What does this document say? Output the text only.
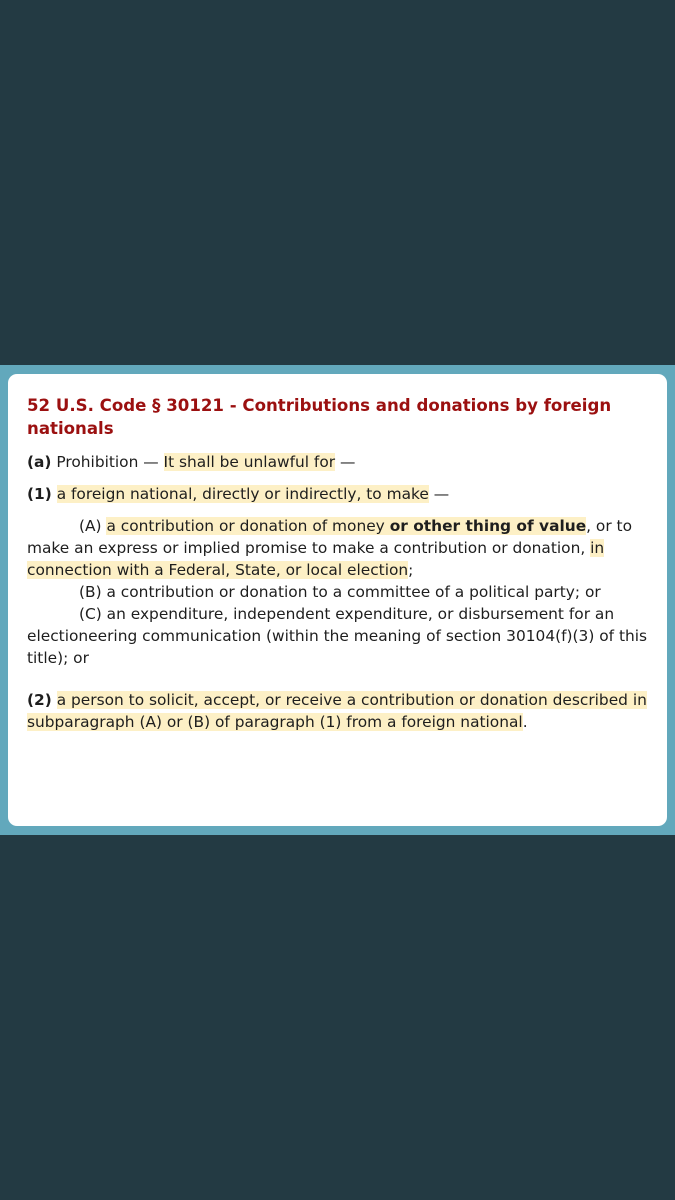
52 U.S. Code § 30121 - Contributions and donations by foreign nationals
(a) Prohibition — It shall be unlawful for —
(1) a foreign national, directly or indirectly, to make —

(A) a contribution or donation of money or other thing of value, or to make an express or implied promise to make a contribution or donation, in connection with a Federal, State, or local election;

(B) a contribution or donation to a committee of a political party; or

(C) an expenditure, independent expenditure, or disbursement for an electioneering communication (within the meaning of section 30104(f)(3) of this title); or

(2) a person to solicit, accept, or receive a contribution or donation described in subparagraph (A) or (B) of paragraph (1) from a foreign national.
